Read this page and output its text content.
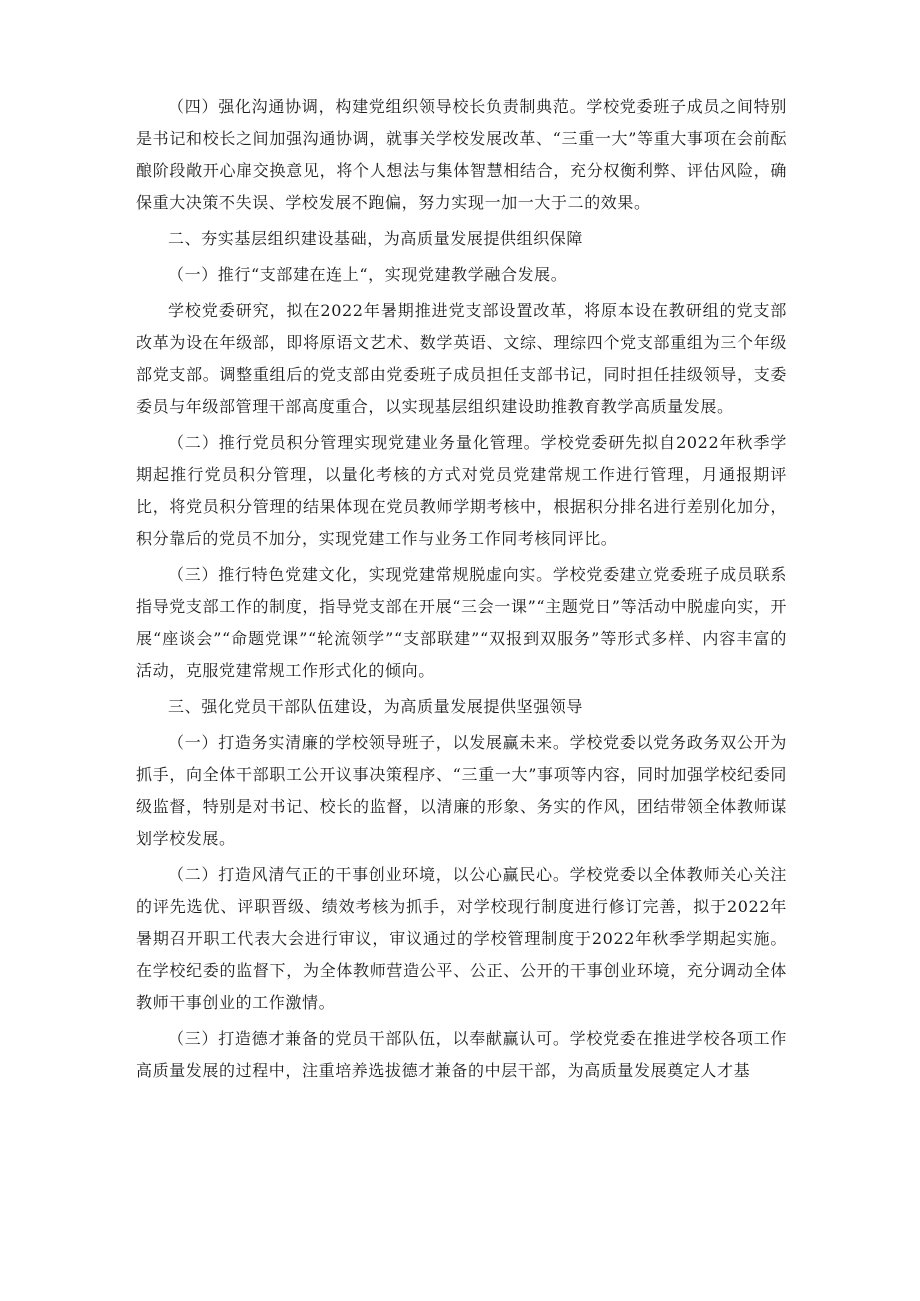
（四）强化沟通协调，构建党组织领导校长负责制典范。学校党委班子成员之间特别是书记和校长之间加强沟通协调，就事关学校发展改革、“三重一大”等重大事项在会前酝酿阶段敞开心扉交换意见，将个人想法与集体智慧相结合，充分权衡利弊、评估风险，确保重大决策不失误、学校发展不跑偏，努力实现一加一大于二的效果。

二、夯实基层组织建设基础，为高质量发展提供组织保障

（一）推行“支部建在连上“，实现党建教学融合发展。

学校党委研究，拟在2022年暑期推进党支部设置改革，将原本设在教研组的党支部改革为设在年级部，即将原语文艺术、数学英语、文综、理综四个党支部重组为三个年级部党支部。调整重组后的党支部由党委班子成员担任支部书记，同时担任挂级领导，支委委员与年级部管理干部高度重合，以实现基层组织建设助推教育教学高质量发展。

（二）推行党员积分管理实现党建业务量化管理。学校党委研先拟自2022年秋季学期起推行党员积分管理，以量化考核的方式对党员党建常规工作进行管理，月通报期评比，将党员积分管理的结果体现在党员教师学期考核中，根据积分排名进行差别化加分，积分靠后的党员不加分，实现党建工作与业务工作同考核同评比。

（三）推行特色党建文化，实现党建常规脱虚向实。学校党委建立党委班子成员联系指导党支部工作的制度，指导党支部在开展“三会一课”“主题党日”等活动中脱虚向实，开展“座谈会”“命题党课”“轮流领学”“支部联建”“双报到双服务”等形式多样、内容丰富的活动，克服党建常规工作形式化的倾向。

三、强化党员干部队伍建设，为高质量发展提供坚强领导

（一）打造务实清廉的学校领导班子，以发展赢未来。学校党委以党务政务双公开为抓手，向全体干部职工公开议事决策程序、“三重一大”事项等内容，同时加强学校纪委同级监督，特别是对书记、校长的监督，以清廉的形象、务实的作风，团结带领全体教师谋划学校发展。

（二）打造风清气正的干事创业环境，以公心赢民心。学校党委以全体教师关心关注的评先选优、评职晋级、绩效考核为抓手，对学校现行制度进行修订完善，拟于2022年暑期召开职工代表大会进行审议，审议通过的学校管理制度于2022年秋季学期起实施。在学校纪委的监督下，为全体教师营造公平、公正、公开的干事创业环境，充分调动全体教师干事创业的工作激情。

（三）打造德才兼备的党员干部队伍，以奉献赢认可。学校党委在推进学校各项工作高质量发展的过程中，注重培养选拔德才兼备的中层干部，为高质量发展奠定人才基
